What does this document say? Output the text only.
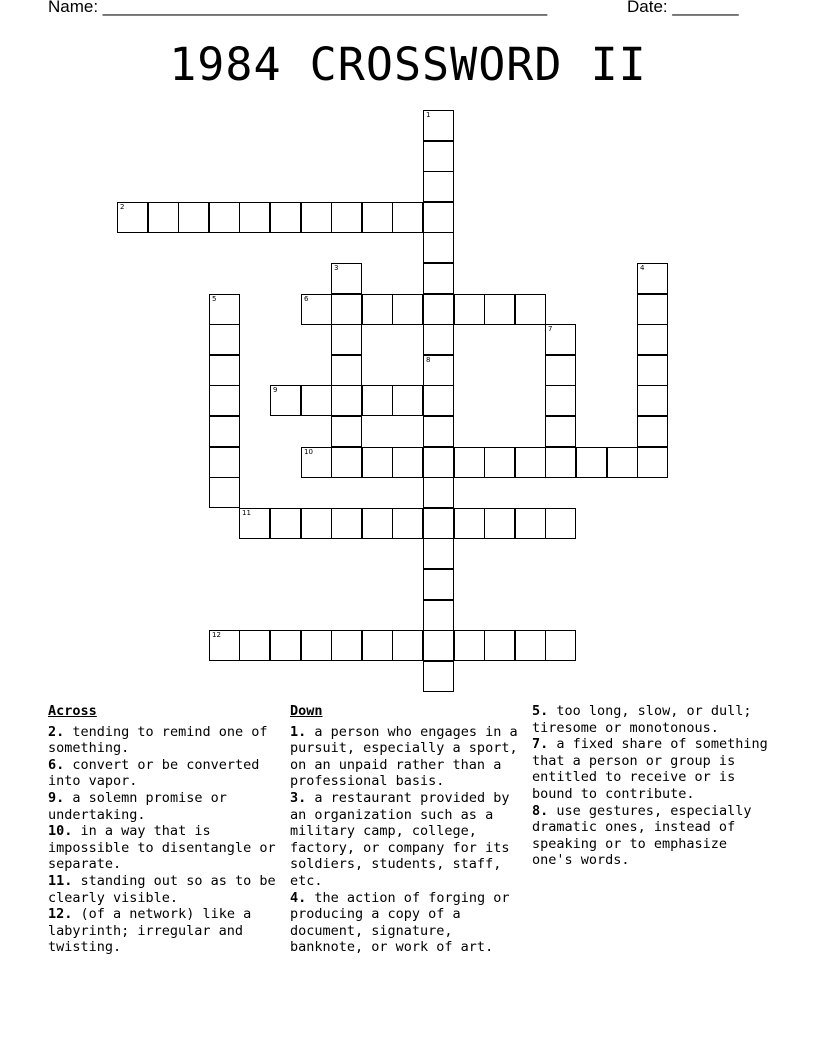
Name: _______________________________________________	Date: _______
1984 CROSSWORD II
1
8
2
3	4
5	6
7
9
10
11
12
Across
2. tending to remind one of something.
6. convert or be converted into vapor.
9. a solemn promise or undertaking.
10. in a way that is impossible to disentangle or separate.
11. standing out so as to be clearly visible.
12. (of a network) like a labyrinth; irregular and twisting.
Down
1. a person who engages in a pursuit, especially a sport, on an unpaid rather than a professional basis.
3. a restaurant provided by an organization such as a military camp, college, factory, or company for its soldiers, students, staff, etc.
4. the action of forging or producing a copy of a document, signature, banknote, or work of art.
5. too long, slow, or dull; tiresome or monotonous.
7. a fixed share of something that a person or group is entitled to receive or is bound to contribute.
8. use gestures, especially dramatic ones, instead of speaking or to emphasize one's words.
